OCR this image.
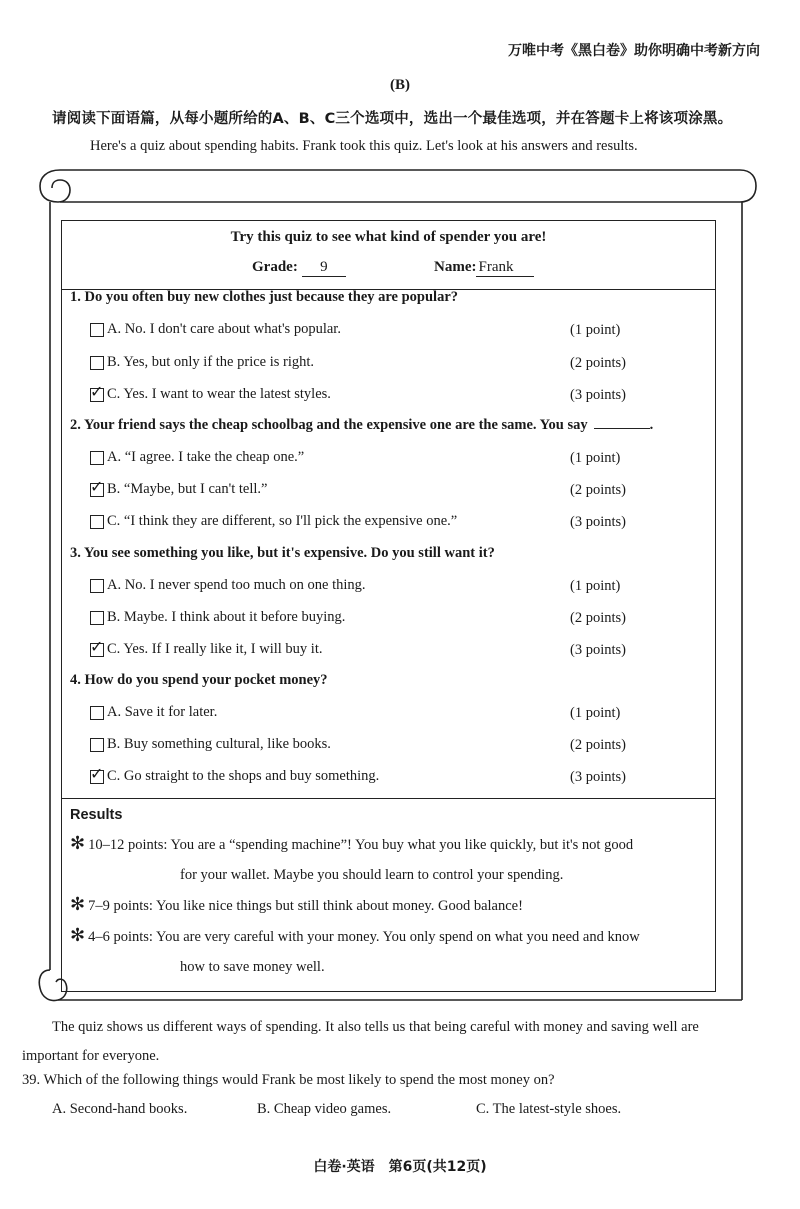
万唯中考《黑白卷》助你明确中考新方向
(B)
请阅读下面语篇，从每小题所给的A、B、C三个选项中，选出一个最佳选项，并在答题卡上将该项涂黑。
Here's a quiz about spending habits. Frank took this quiz. Let's look at his answers and results.
Try this quiz to see what kind of spender you are!
Grade: 9	Name: Frank
1. Do you often buy new clothes just because they are popular?
A. No. I don't care about what's popular.	(1 point)
B. Yes, but only if the price is right.	(2 points)
✓ C. Yes. I want to wear the latest styles.	(3 points)
2. Your friend says the cheap schoolbag and the expensive one are the same. You say	.
A. “I agree. I take the cheap one.”	(1 point)
✓ B. “Maybe, but I can't tell.”	(2 points)
C. “I think they are different, so I'll pick the expensive one.”	(3 points)
3. You see something you like, but it's expensive. Do you still want it?
A. No. I never spend too much on one thing.	(1 point)
B. Maybe. I think about it before buying.	(2 points)
✓ C. Yes. If I really like it, I will buy it.	(3 points)
4. How do you spend your pocket money?
A. Save it for later.	(1 point)
B. Buy something cultural, like books.	(2 points)
✓ C. Go straight to the shops and buy something.	(3 points)
Results
✻ 10–12 points: You are a “spending machine”! You buy what you like quickly, but it's not good
for your wallet. Maybe you should learn to control your spending.
✻ 7–9 points: You like nice things but still think about money. Good balance!
✻ 4–6 points: You are very careful with your money. You only spend on what you need and know
how to save money well.
The quiz shows us different ways of spending. It also tells us that being careful with money and saving well are important for everyone.
39. Which of the following things would Frank be most likely to spend the most money on?
A. Second-hand books.	B. Cheap video games.	C. The latest-style shoes.
白卷·英语　第6页(共12页)
